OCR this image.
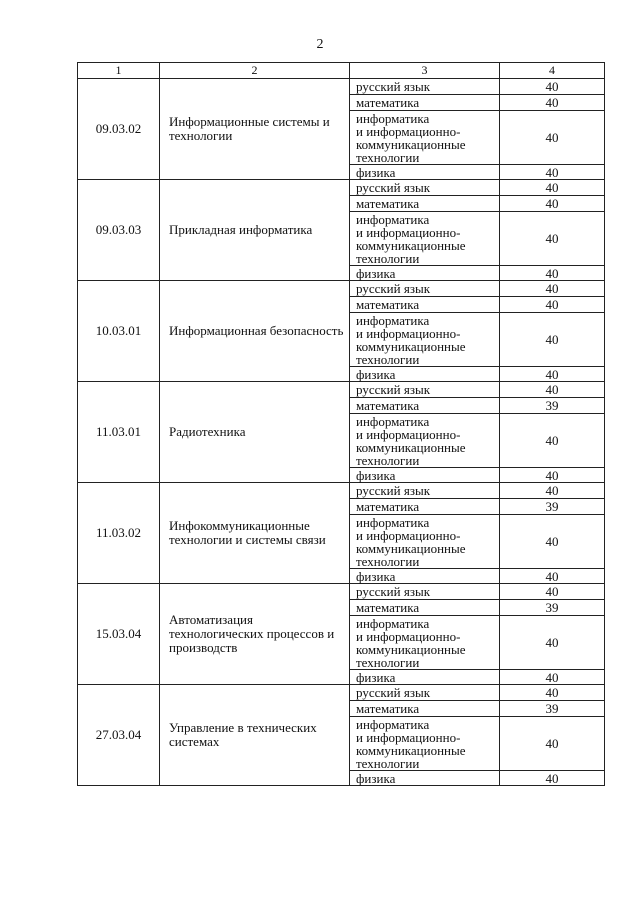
2
1	2	3	4
09.03.02	Информационные системы и технологии	русский язык	40
		математика	40
		информатика
и информационно-
коммуникационные
технологии	40
		физика	40
09.03.03	Прикладная информатика	русский язык	40
		математика	40
		информатика
и информационно-
коммуникационные
технологии	40
		физика	40
10.03.01	Информационная безопасность	русский язык	40
		математика	40
		информатика
и информационно-
коммуникационные
технологии	40
		физика	40
11.03.01	Радиотехника	русский язык	40
		математика	39
		информатика
и информационно-
коммуникационные
технологии	40
		физика	40
11.03.02	Инфокоммуникационные технологии и системы связи	русский язык	40
		математика	39
		информатика
и информационно-
коммуникационные
технологии	40
		физика	40
15.03.04	Автоматизация технологических процессов и производств	русский язык	40
		математика	39
		информатика
и информационно-
коммуникационные
технологии	40
		физика	40
27.03.04	Управление в технических системах	русский язык	40
		математика	39
		информатика
и информационно-
коммуникационные
технологии	40
		физика	40
